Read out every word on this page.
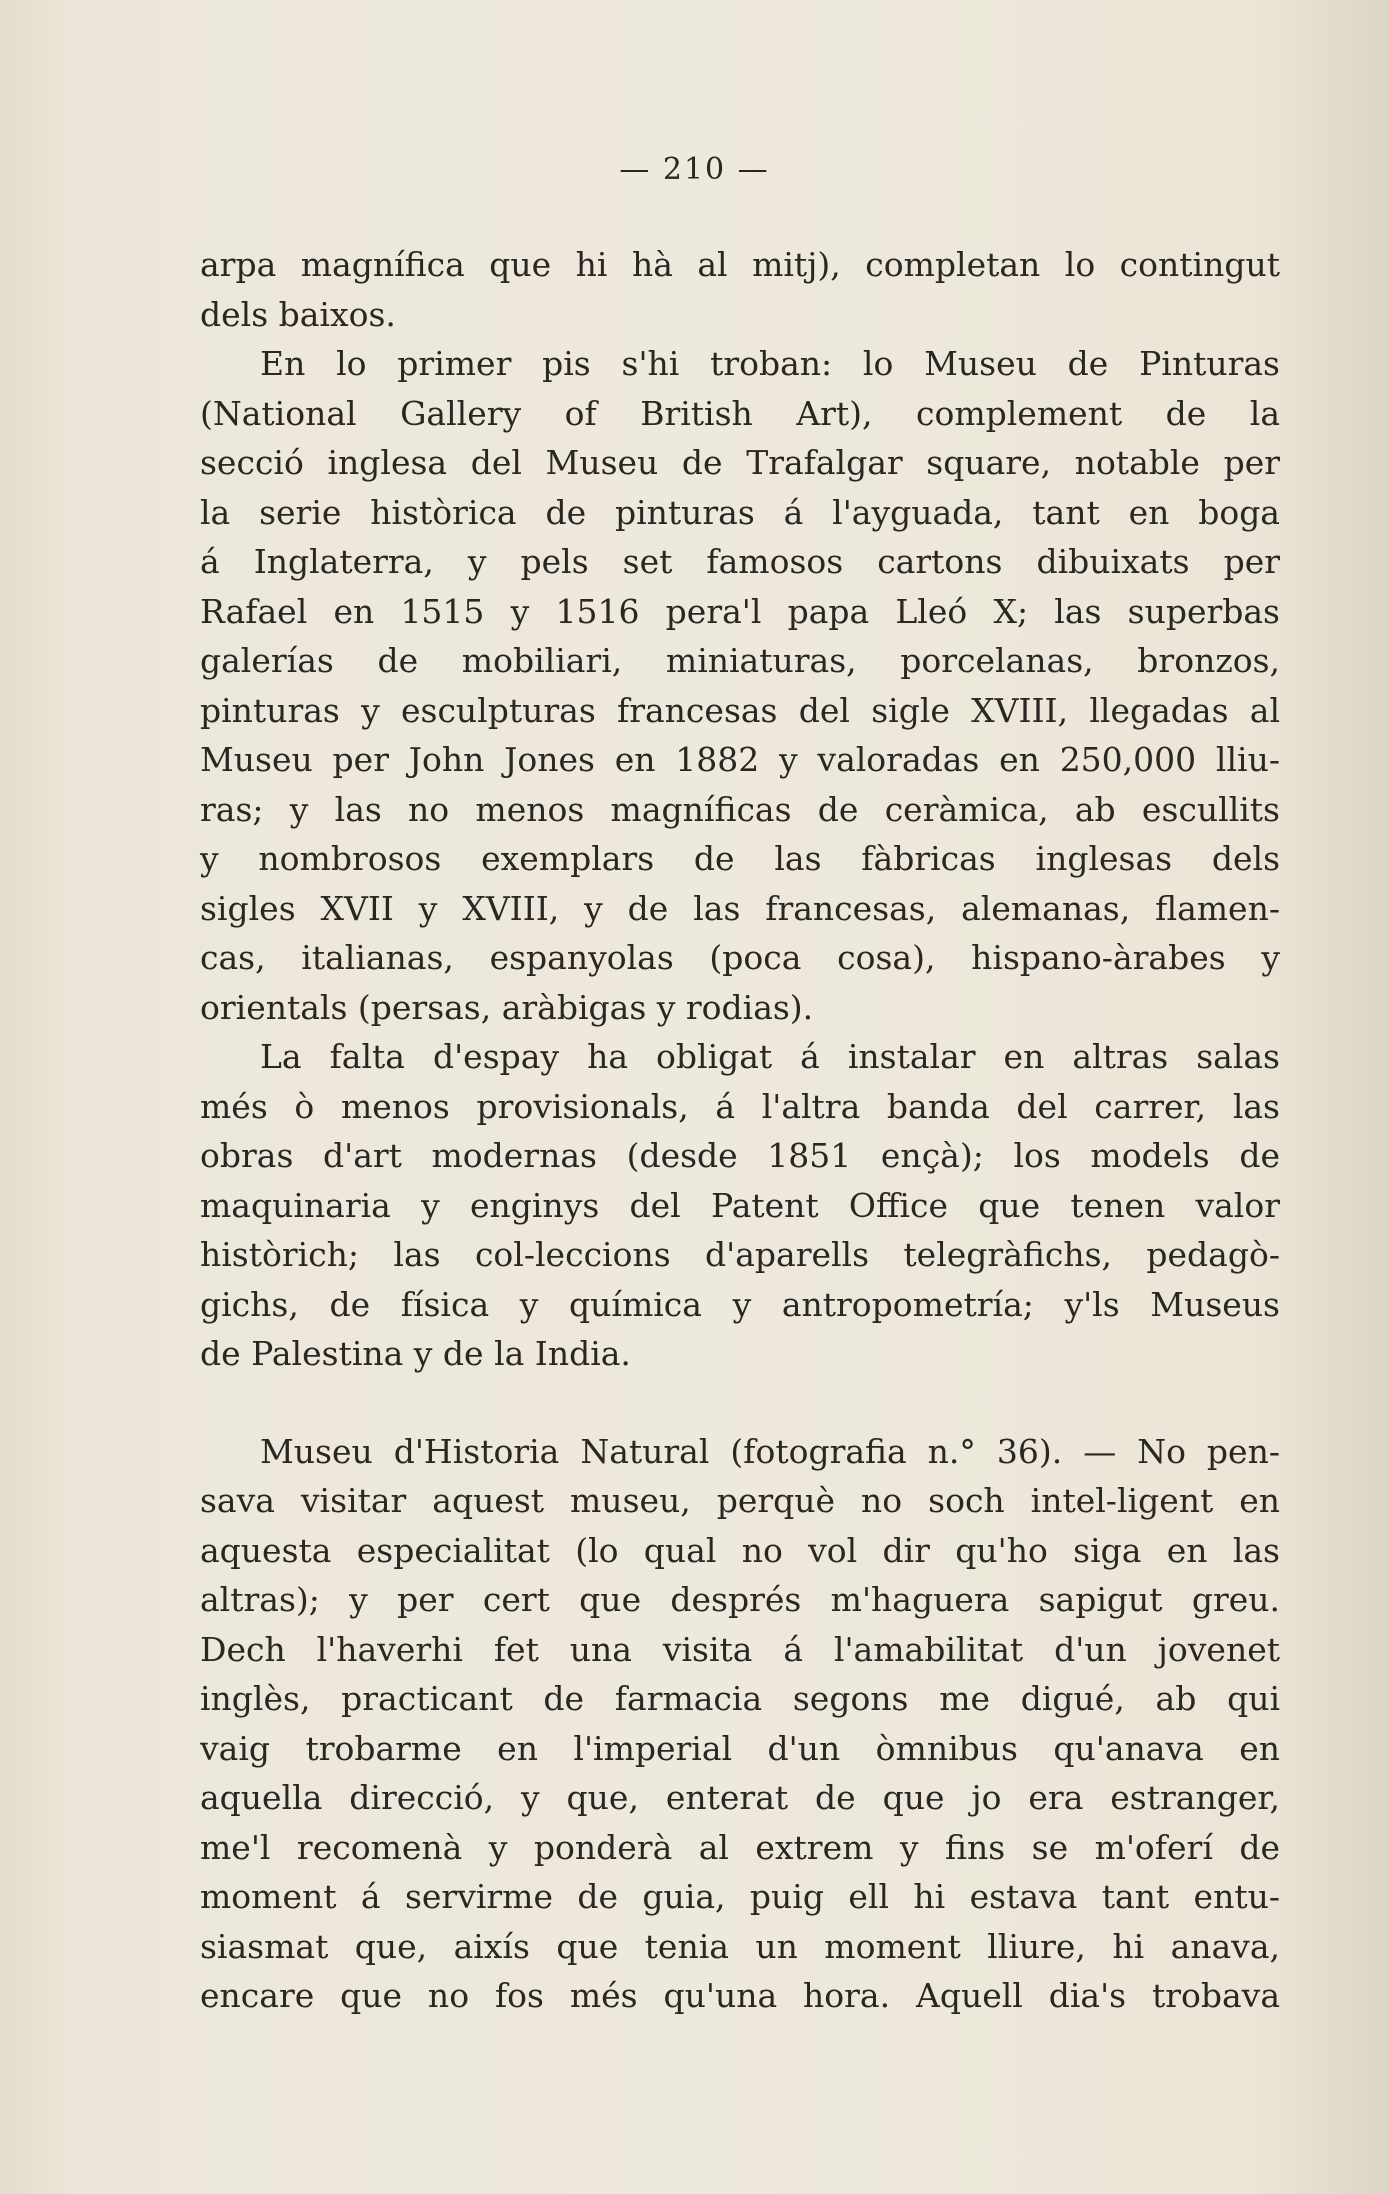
— 210 —

arpa magnífica que hi hà al mitj), completan lo contingut
dels baixos.

En lo primer pis s'hi troban: lo Museu de Pinturas
(National Gallery of British Art), complement de la
secció inglesa del Museu de Trafalgar square, notable per
la serie històrica de pinturas á l'ayguada, tant en boga
á Inglaterra, y pels set famosos cartons dibuixats per
Rafael en 1515 y 1516 pera'l papa Lleó X; las superbas
galerías de mobiliari, miniaturas, porcelanas, bronzos,
pinturas y esculpturas francesas del sigle XVIII, llegadas al
Museu per John Jones en 1882 y valoradas en 250,000 lliu-
ras; y las no menos magníficas de ceràmica, ab escullits
y nombrosos exemplars de las fàbricas inglesas dels
sigles XVII y XVIII, y de las francesas, alemanas, flamen-
cas, italianas, espanyolas (poca cosa), hispano-àrabes y
orientals (persas, aràbigas y rodias).

La falta d'espay ha obligat á instalar en altras salas
més ò menos provisionals, á l'altra banda del carrer, las
obras d'art modernas (desde 1851 ençà); los models de
maquinaria y enginys del Patent Office que tenen valor
històrich; las col-leccions d'aparells telegràfichs, pedagò-
gichs, de física y química y antropometría; y'ls Museus
de Palestina y de la India.

Museu d'Historia Natural (fotografia n.° 36). — No pen-
sava visitar aquest museu, perquè no soch intel-ligent en
aquesta especialitat (lo qual no vol dir qu'ho siga en las
altras); y per cert que després m'haguera sapigut greu.
Dech l'haverhi fet una visita á l'amabilitat d'un jovenet
inglès, practicant de farmacia segons me digué, ab qui
vaig trobarme en l'imperial d'un òmnibus qu'anava en
aquella direcció, y que, enterat de que jo era estranger,
me'l recomenà y ponderà al extrem y fins se m'oferí de
moment á servirme de guia, puig ell hi estava tant entu-
siasmat que, aixís que tenia un moment lliure, hi anava,
encare que no fos més qu'una hora. Aquell dia's trobava
